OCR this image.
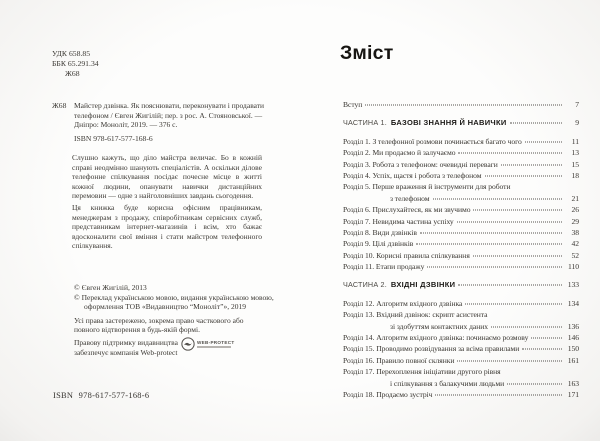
УДК 658.85
ББК 65.291.34
Ж68
Ж68 Майстер дзвінка. Як пояснювати, переконувати і продавати телефоном / Євген Жигілій; пер. з рос. А. Стояновської. — Дніпро: Моноліт, 2019. — 376 с.
ISBN 978-617-577-168-6

Слушно кажуть, що діло майстра величає. Бо в кожній справі неодмінно шанують спеціалістів. А оскільки ділове телефонне спілкування посідає почесне місце в житті кожної людини, опанувати навички дистанційних перемовин — одне з найголовніших завдань сьогодення.

Ця книжка буде корисна офісним працівникам, менеджерам з продажу, співробітникам сервісних служб, представникам інтернет-магазинів і всім, хто бажає вдосконалити свої вміння і стати майстром телефонного спілкування.

© Євген Жигілій, 2013
© Переклад українською мовою, видання українською мовою, оформлення ТОВ «Видавництво “Моноліт”», 2019
Усі права застережено, зокрема право часткового або повного відтворення в будь-якій формі.
Правову підтримку видавництва
забезпечує компанія Web-protect
WEB-PROTECT
ISBN 978-617-577-168-6
Зміст
Вступ	7
ЧАСТИНА 1. БАЗОВІ ЗНАННЯ Й НАВИЧКИ	9
Розділ 1. З телефонної розмови починається багато чого	11
Розділ 2. Ми продаємо й залучаємо	13
Розділ 3. Робота з телефоном: очевидні переваги	15
Розділ 4. Успіх, щастя і робота з телефоном	18
Розділ 5. Перше враження й інструменти для роботи
з телефоном	21
Розділ 6. Прислухайтеся, як ми звучимо	26
Розділ 7. Невидима частина успіху	29
Розділ 8. Види дзвінків	38
Розділ 9. Цілі дзвінків	42
Розділ 10. Корисні правила спілкування	52
Розділ 11. Етапи продажу	110
ЧАСТИНА 2. ВХІДНІ ДЗВІНКИ	133
Розділ 12. Алгоритм вхідного дзвінка	134
Розділ 13. Вхідний дзвінок: скрипт асистента
зі здобуттям контактних даних	136
Розділ 14. Алгоритм вхідного дзвінка: починаємо розмову	146
Розділ 15. Проводимо розвідування за всіма правилами	150
Розділ 16. Правило повної склянки	161
Розділ 17. Перехоплення ініціативи другого рівня
і спілкування з балакучими людьми	163
Розділ 18. Продаємо зустріч	171
